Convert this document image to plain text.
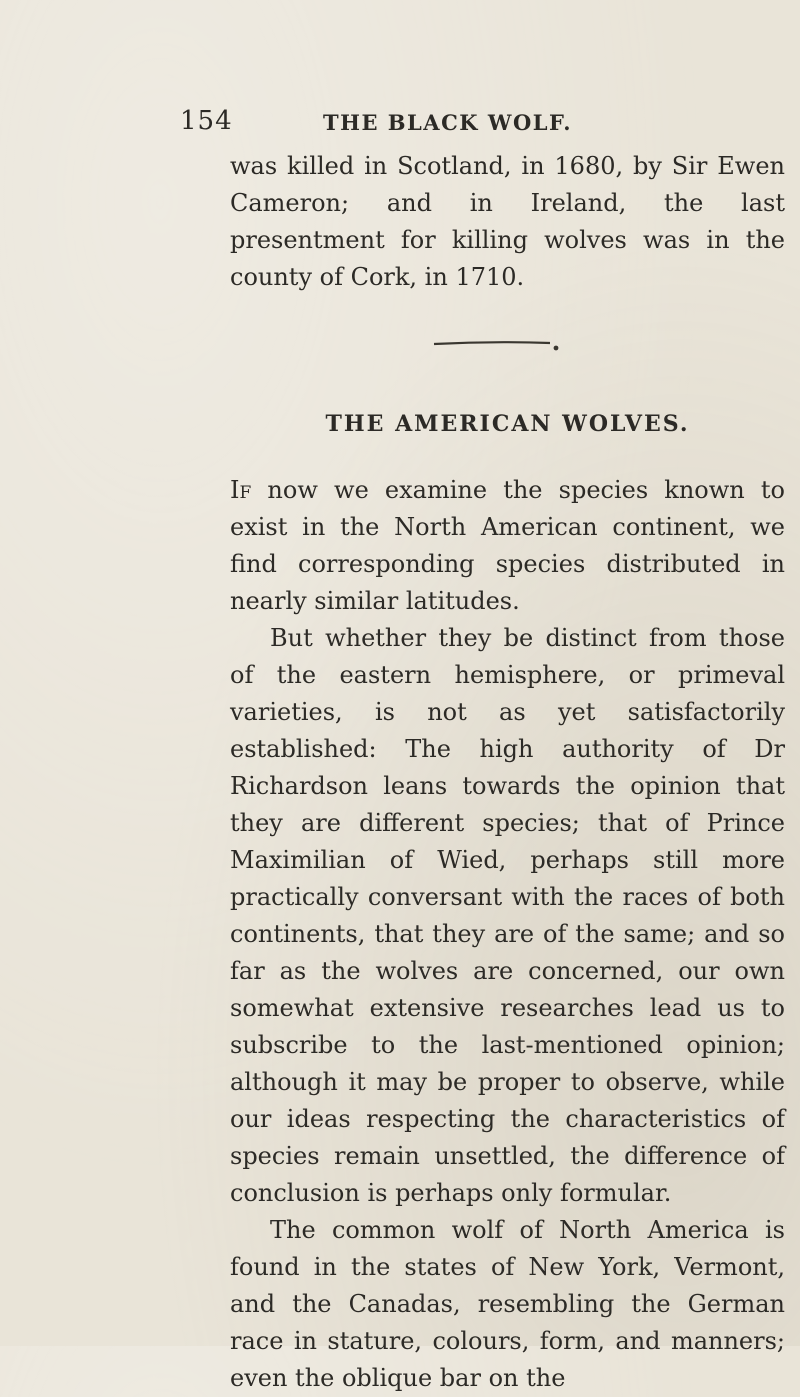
154	THE BLACK WOLF.

was killed in Scotland, in 1680, by Sir Ewen Cameron; and in Ireland, the last presentment for killing wolves was in the county of Cork, in 1710.

THE AMERICAN WOLVES.

If now we examine the species known to exist in the North American continent, we find corresponding species distributed in nearly similar latitudes.

But whether they be distinct from those of the eastern hemisphere, or primeval varieties, is not as yet satisfactorily established: The high authority of Dr Richardson leans towards the opinion that they are different species; that of Prince Maximilian of Wied, perhaps still more practically conversant with the races of both continents, that they are of the same; and so far as the wolves are concerned, our own somewhat extensive researches lead us to subscribe to the last-mentioned opinion; although it may be proper to observe, while our ideas respecting the characteristics of species remain unsettled, the difference of conclusion is perhaps only formular.

The common wolf of North America is found in the states of New York, Vermont, and the Canadas, resembling the German race in stature, colours, form, and manners; even the oblique bar on the
